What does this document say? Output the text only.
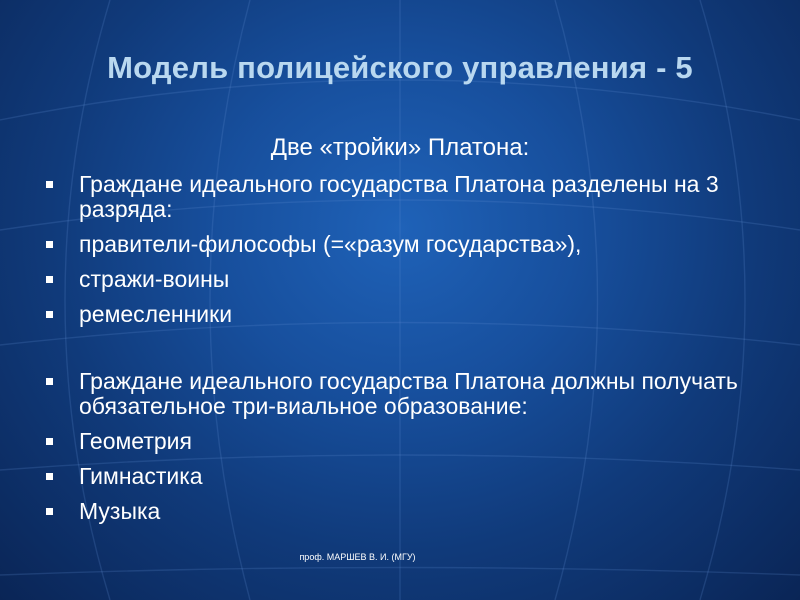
Модель полицейского управления - 5
Две «тройки» Платона:
Граждане идеального государства Платона разделены на 3 разряда:
правители-философы (=«разум государства»),
стражи-воины
ремесленники
Граждане идеального государства Платона должны получать обязательное три-виальное образование:
Геометрия
Гимнастика
Музыка
проф. МАРШЕВ В. И. (МГУ)
